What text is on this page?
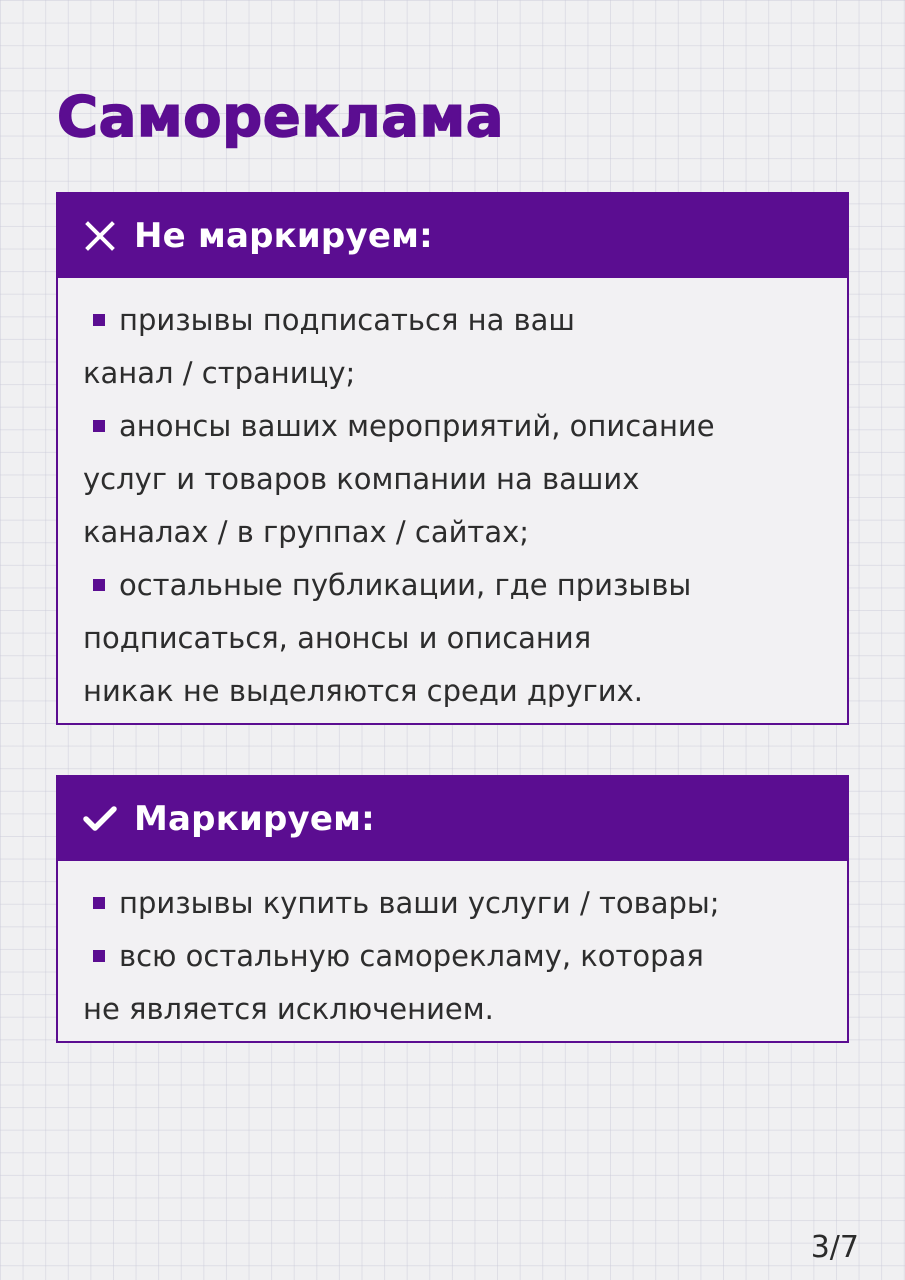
Самореклама
Не маркируем:
призывы подписаться на ваш
канал / страницу;
анонсы ваших мероприятий, описание
услуг и товаров компании на ваших
каналах / в группах / сайтах;
остальные публикации, где призывы
подписаться, анонсы и описания
никак не выделяются среди других.
Маркируем:
призывы купить ваши услуги / товары;
всю остальную саморекламу, которая
не является исключением.
3/7
